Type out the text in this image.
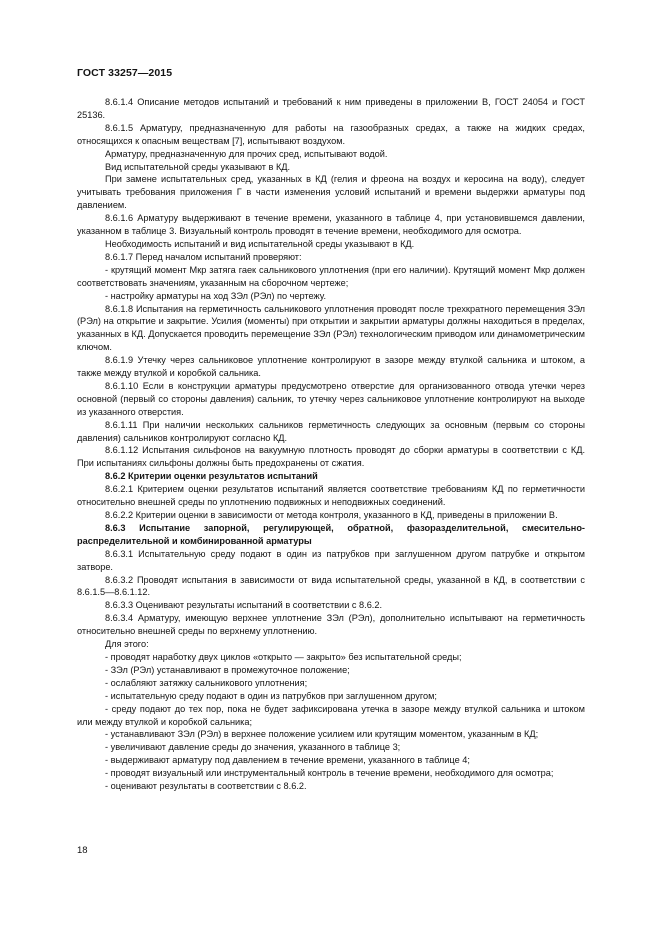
ГОСТ 33257—2015

8.6.1.4 Описание методов испытаний и требований к ним приведены в приложении В, ГОСТ 24054 и ГОСТ 25136.

8.6.1.5 Арматуру, предназначенную для работы на газообразных средах, а также на жидких средах, относящихся к опасным веществам [7], испытывают воздухом.

Арматуру, предназначенную для прочих сред, испытывают водой.

Вид испытательной среды указывают в КД.

При замене испытательных сред, указанных в КД (гелия и фреона на воздух и керосина на воду), следует учитывать требования приложения Г в части изменения условий испытаний и времени выдержки арматуры под давлением.

8.6.1.6 Арматуру выдерживают в течение времени, указанного в таблице 4, при установившемся давлении, указанном в таблице 3. Визуальный контроль проводят в течение времени, необходимого для осмотра.

Необходимость испытаний и вид испытательной среды указывают в КД.

8.6.1.7 Перед началом испытаний проверяют:

- крутящий момент Mкр затяга гаек сальникового уплотнения (при его наличии). Крутящий момент Mкр должен соответствовать значениям, указанным на сборочном чертеже;

- настройку арматуры на ход ЗЭл (РЭл) по чертежу.

8.6.1.8 Испытания на герметичность сальникового уплотнения проводят после трехкратного перемещения ЗЭл (РЭл) на открытие и закрытие. Усилия (моменты) при открытии и закрытии арматуры должны находиться в пределах, указанных в КД. Допускается проводить перемещение ЗЭл (РЭл) технологическим приводом или динамометрическим ключом.

8.6.1.9 Утечку через сальниковое уплотнение контролируют в зазоре между втулкой сальника и штоком, а также между втулкой и коробкой сальника.

8.6.1.10 Если в конструкции арматуры предусмотрено отверстие для организованного отвода утечки через основной (первый со стороны давления) сальник, то утечку через сальниковое уплотнение контролируют на выходе из указанного отверстия.

8.6.1.11 При наличии нескольких сальников герметичность следующих за основным (первым со стороны давления) сальников контролируют согласно КД.

8.6.1.12 Испытания сильфонов на вакуумную плотность проводят до сборки арматуры в соответствии с КД. При испытаниях сильфоны должны быть предохранены от сжатия.

8.6.2 Критерии оценки результатов испытаний

8.6.2.1 Критерием оценки результатов испытаний является соответствие требованиям КД по герметичности относительно внешней среды по уплотнению подвижных и неподвижных соединений.

8.6.2.2 Критерии оценки в зависимости от метода контроля, указанного в КД, приведены в приложении В.

8.6.3 Испытание запорной, регулирующей, обратной, фазоразделительной, смесительно-распределительной и комбинированной арматуры

8.6.3.1 Испытательную среду подают в один из патрубков при заглушенном другом патрубке и открытом затворе.

8.6.3.2 Проводят испытания в зависимости от вида испытательной среды, указанной в КД, в соответствии с 8.6.1.5—8.6.1.12.

8.6.3.3 Оценивают результаты испытаний в соответствии с 8.6.2.

8.6.3.4 Арматуру, имеющую верхнее уплотнение ЗЭл (РЭл), дополнительно испытывают на герметичность относительно внешней среды по верхнему уплотнению.

Для этого:

- проводят наработку двух циклов «открыто — закрыто» без испытательной среды;

- ЗЭл (РЭл) устанавливают в промежуточное положение;

- ослабляют затяжку сальникового уплотнения;

- испытательную среду подают в один из патрубков при заглушенном другом;

- среду подают до тех пор, пока не будет зафиксирована утечка в зазоре между втулкой сальника и штоком или между втулкой и коробкой сальника;

- устанавливают ЗЭл (РЭл) в верхнее положение усилием или крутящим моментом, указанным в КД;

- увеличивают давление среды до значения, указанного в таблице 3;

- выдерживают арматуру под давлением в течение времени, указанного в таблице 4;

- проводят визуальный или инструментальный контроль в течение времени, необходимого для осмотра;

- оценивают результаты в соответствии с 8.6.2.

18
